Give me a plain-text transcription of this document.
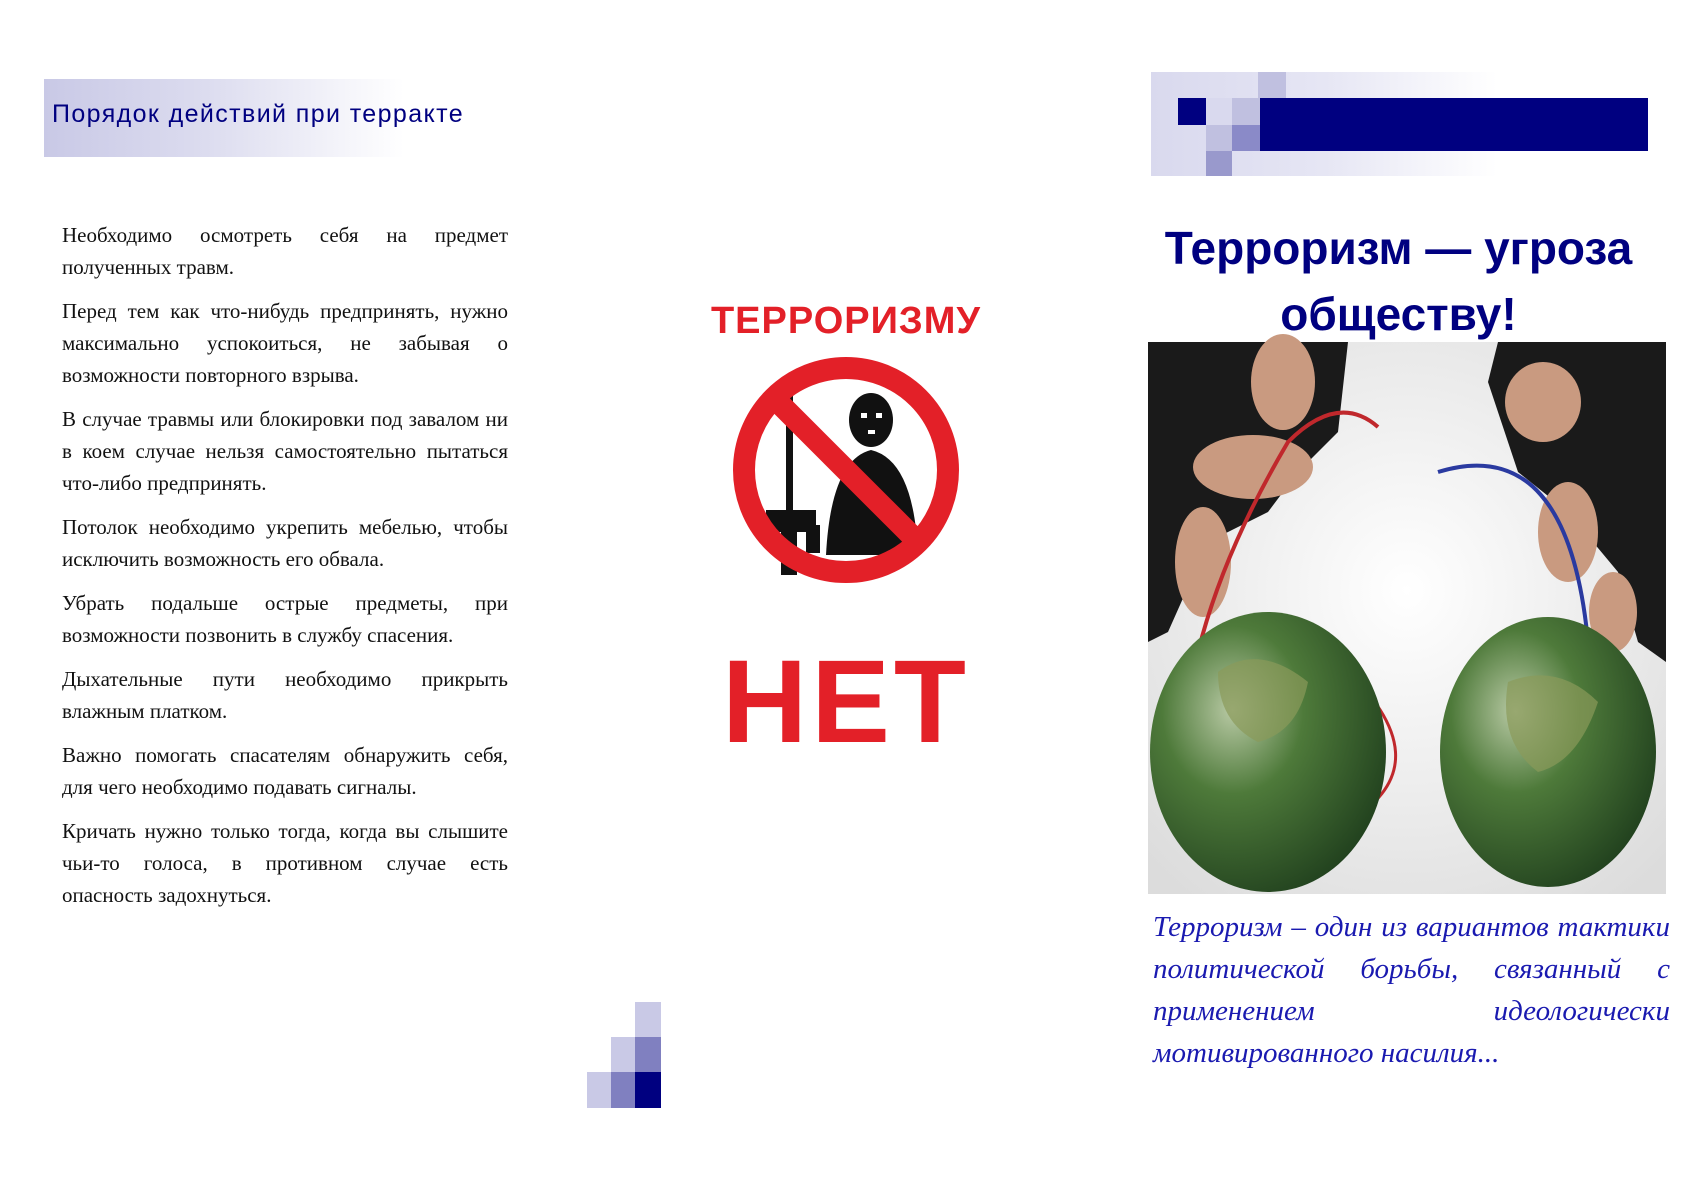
Порядок действий при терракте

Необходимо осмотреть себя на предмет полученных травм.

Перед тем как что-нибудь предпринять, нужно максимально успокоиться, не забывая о возможности повторного взрыва.

В случае травмы или блокировки под завалом ни в коем случае нельзя самостоятельно пытаться что-либо предпринять.

Потолок необходимо укрепить мебелью, чтобы исключить возможность его обвала.

Убрать подальше острые предметы, при возможности позвонить в службу спасения.

Дыхательные пути необходимо прикрыть влажным платком.

Важно помогать спасателям обнаружить себя, для чего необходимо подавать сигналы.

Кричать нужно только тогда, когда вы слышите чьи-то голоса, в противном случае есть опасность задохнуться.

ТЕРРОРИЗМУ
НЕТ
Терроризм — угроза
обществу!
Терроризм – один из вариантов тактики политической борьбы, связанный с применением идеологически мотивированного насилия...
